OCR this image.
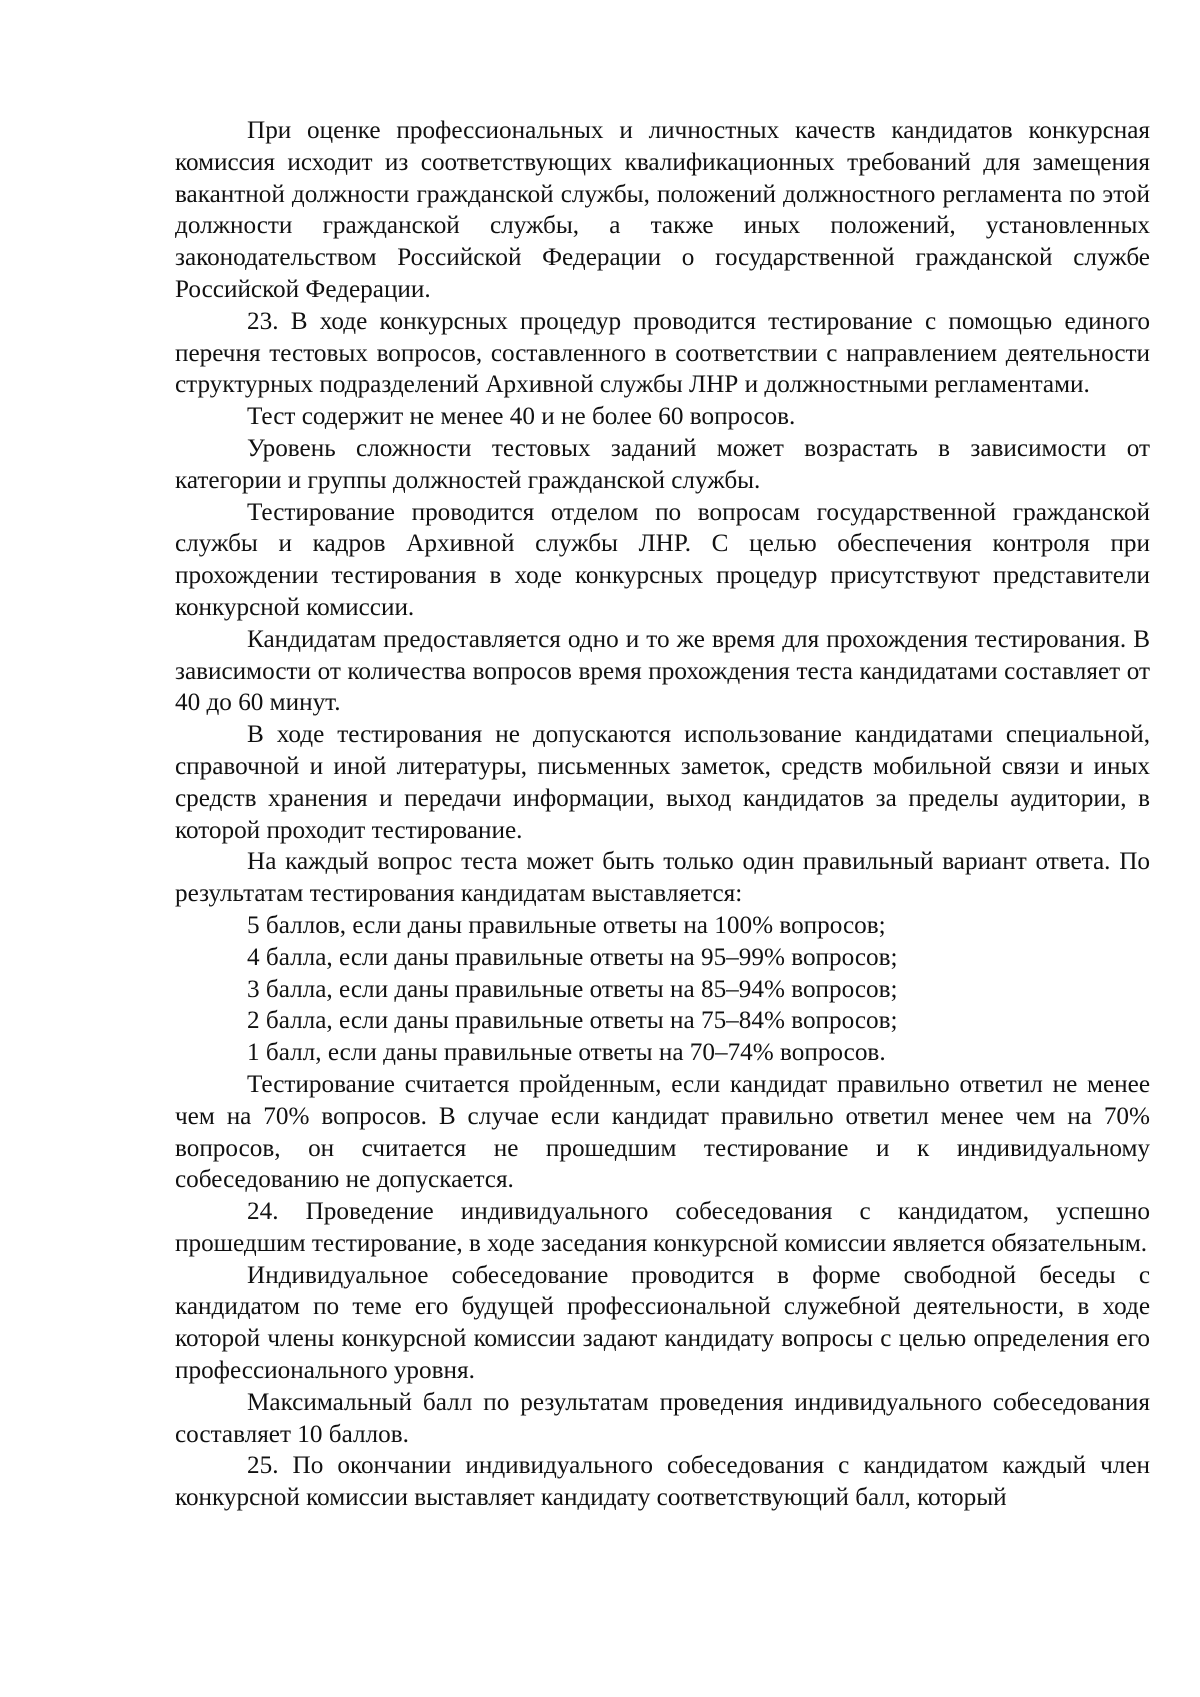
При оценке профессиональных и личностных качеств кандидатов конкурсная комиссия исходит из соответствующих квалификационных требований для замещения вакантной должности гражданской службы, положений должностного регламента по этой должности гражданской службы, а также иных положений, установленных законодательством Российской Федерации о государственной гражданской службе Российской Федерации.

23. В ходе конкурсных процедур проводится тестирование с помощью единого перечня тестовых вопросов, составленного в соответствии с направлением деятельности структурных подразделений Архивной службы ЛНР и должностными регламентами.

Тест содержит не менее 40 и не более 60 вопросов.

Уровень сложности тестовых заданий может возрастать в зависимости от категории и группы должностей гражданской службы.

Тестирование проводится отделом по вопросам государственной гражданской службы и кадров Архивной службы ЛНР. С целью обеспечения контроля при прохождении тестирования в ходе конкурсных процедур присутствуют представители конкурсной комиссии.

Кандидатам предоставляется одно и то же время для прохождения тестирования. В зависимости от количества вопросов время прохождения теста кандидатами составляет от 40 до 60 минут.

В ходе тестирования не допускаются использование кандидатами специальной, справочной и иной литературы, письменных заметок, средств мобильной связи и иных средств хранения и передачи информации, выход кандидатов за пределы аудитории, в которой проходит тестирование.

На каждый вопрос теста может быть только один правильный вариант ответа. По результатам тестирования кандидатам выставляется:

5 баллов, если даны правильные ответы на 100% вопросов;

4 балла, если даны правильные ответы на 95–99% вопросов;

3 балла, если даны правильные ответы на 85–94% вопросов;

2 балла, если даны правильные ответы на 75–84% вопросов;

1 балл, если даны правильные ответы на 70–74% вопросов.

Тестирование считается пройденным, если кандидат правильно ответил не менее чем на 70% вопросов. В случае если кандидат правильно ответил менее чем на 70% вопросов, он считается не прошедшим тестирование и к индивидуальному собеседованию не допускается.

24. Проведение индивидуального собеседования с кандидатом, успешно прошедшим тестирование, в ходе заседания конкурсной комиссии является обязательным.

Индивидуальное собеседование проводится в форме свободной беседы с кандидатом по теме его будущей профессиональной служебной деятельности, в ходе которой члены конкурсной комиссии задают кандидату вопросы с целью определения его профессионального уровня.

Максимальный балл по результатам проведения индивидуального собеседования составляет 10 баллов.

25. По окончании индивидуального собеседования с кандидатом каждый член конкурсной комиссии выставляет кандидату соответствующий балл, который
